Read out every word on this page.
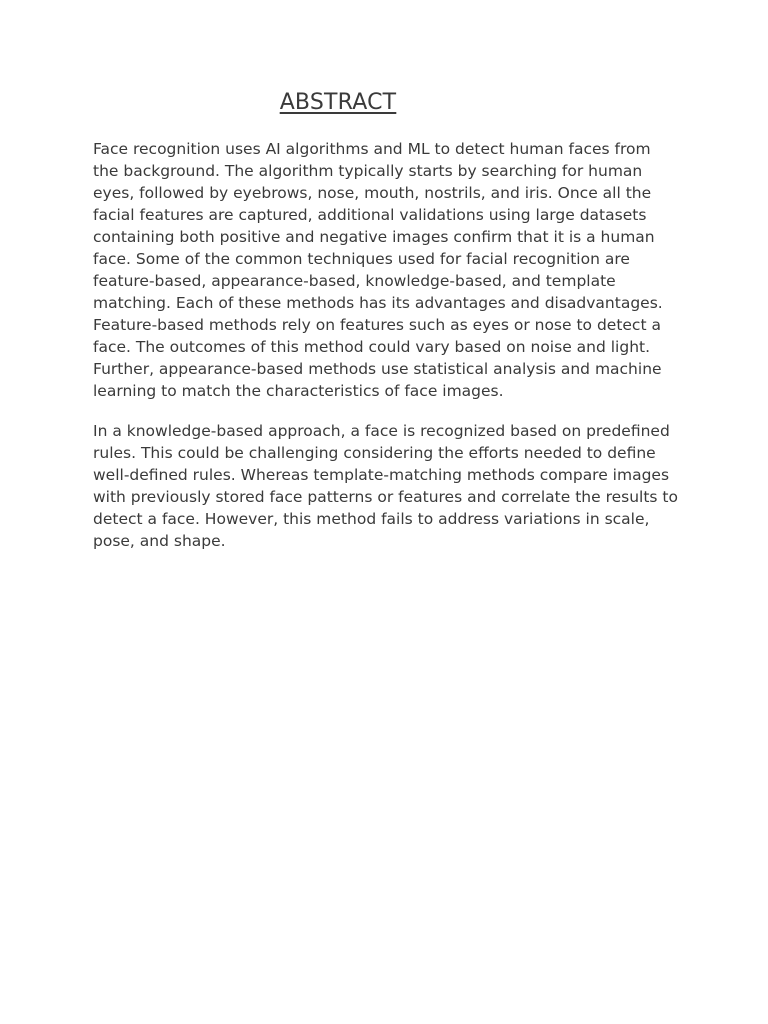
ABSTRACT

Face recognition uses AI algorithms and ML to detect human faces from the background. The algorithm typically starts by searching for human eyes, followed by eyebrows, nose, mouth, nostrils, and iris. Once all the facial features are captured, additional validations using large datasets containing both positive and negative images confirm that it is a human face. Some of the common techniques used for facial recognition are feature-based, appearance-based, knowledge-based, and template matching. Each of these methods has its advantages and disadvantages. Feature-based methods rely on features such as eyes or nose to detect a face. The outcomes of this method could vary based on noise and light. Further, appearance-based methods use statistical analysis and machine learning to match the characteristics of face images.

In a knowledge-based approach, a face is recognized based on predefined rules. This could be challenging considering the efforts needed to define well-defined rules. Whereas template-matching methods compare images with previously stored face patterns or features and correlate the results to detect a face. However, this method fails to address variations in scale, pose, and shape.
